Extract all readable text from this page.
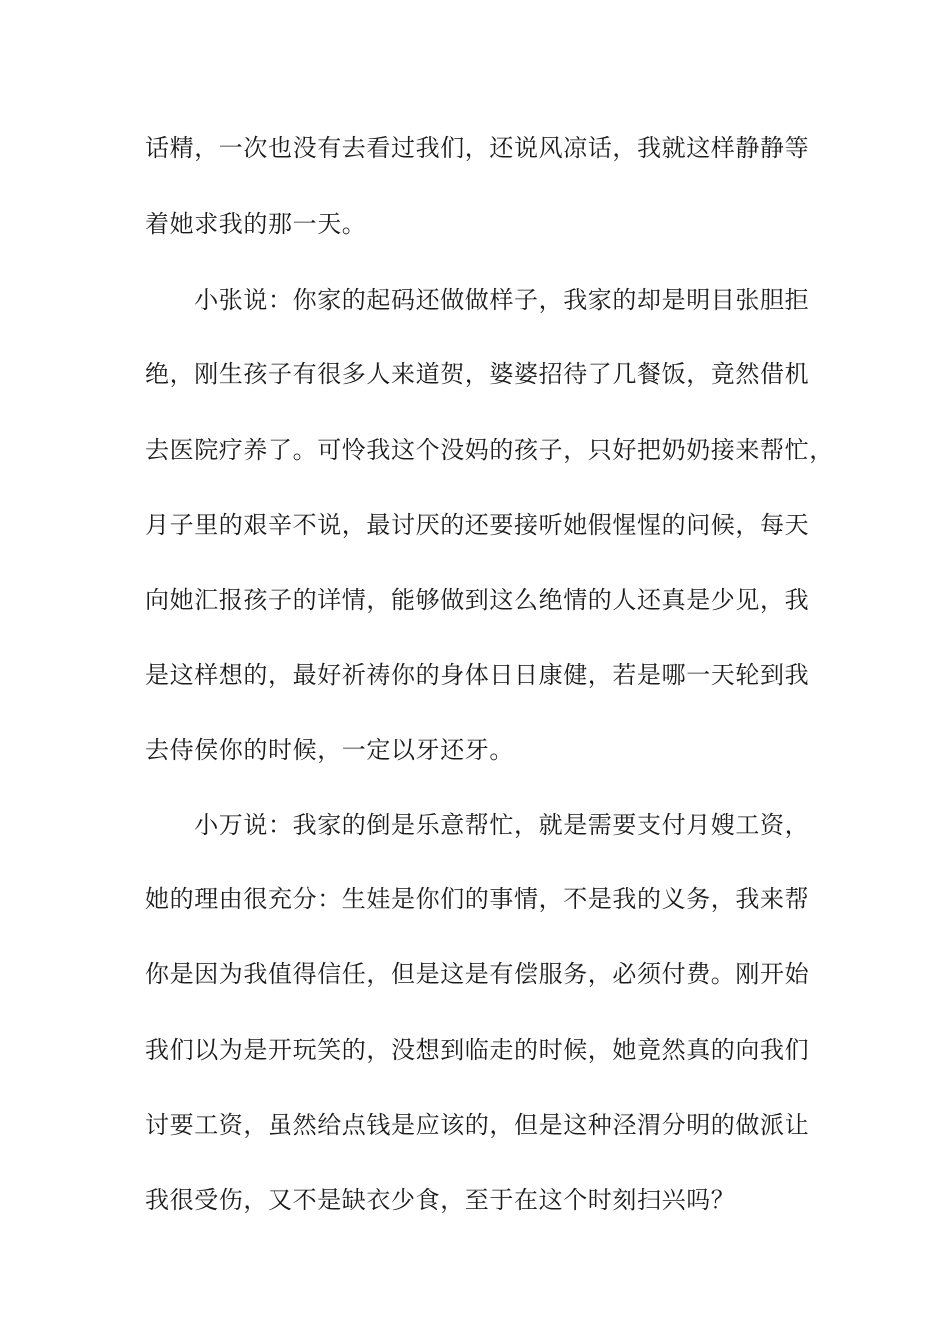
话精，一次也没有去看过我们，还说风凉话，我就这样静静等
着她求我的那一天。
　　小张说：你家的起码还做做样子，我家的却是明目张胆拒
绝，刚生孩子有很多人来道贺，婆婆招待了几餐饭，竟然借机
去医院疗养了。可怜我这个没妈的孩子，只好把奶奶接来帮忙，
月子里的艰辛不说，最讨厌的还要接听她假惺惺的问候，每天
向她汇报孩子的详情，能够做到这么绝情的人还真是少见，我
是这样想的，最好祈祷你的身体日日康健，若是哪一天轮到我
去侍侯你的时候，一定以牙还牙。
　　小万说：我家的倒是乐意帮忙，就是需要支付月嫂工资，
她的理由很充分：生娃是你们的事情，不是我的义务，我来帮
你是因为我值得信任，但是这是有偿服务，必须付费。刚开始
我们以为是开玩笑的，没想到临走的时候，她竟然真的向我们
讨要工资，虽然给点钱是应该的，但是这种泾渭分明的做派让
我很受伤，又不是缺衣少食，至于在这个时刻扫兴吗？
